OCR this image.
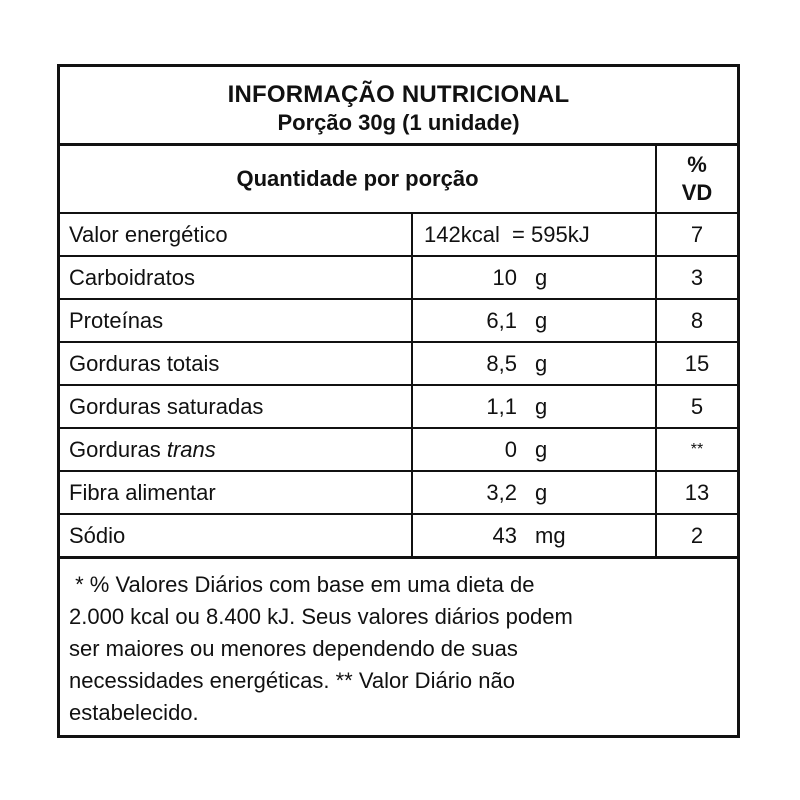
INFORMAÇÃO NUTRICIONAL
Porção 30g (1 unidade)
Quantidade por porção
%
VD
Valor energético	142kcal  = 595kJ	7
Carboidratos	10 g	3
Proteínas	6,1 g	8
Gorduras totais	8,5 g	15
Gorduras saturadas	1,1 g	5
Gorduras trans	0 g	**
Fibra alimentar	3,2 g	13
Sódio	43 mg	2
* % Valores Diários com base em uma dieta de
2.000 kcal ou 8.400 kJ. Seus valores diários podem
ser maiores ou menores dependendo de suas
necessidades energéticas. ** Valor Diário não
estabelecido.
